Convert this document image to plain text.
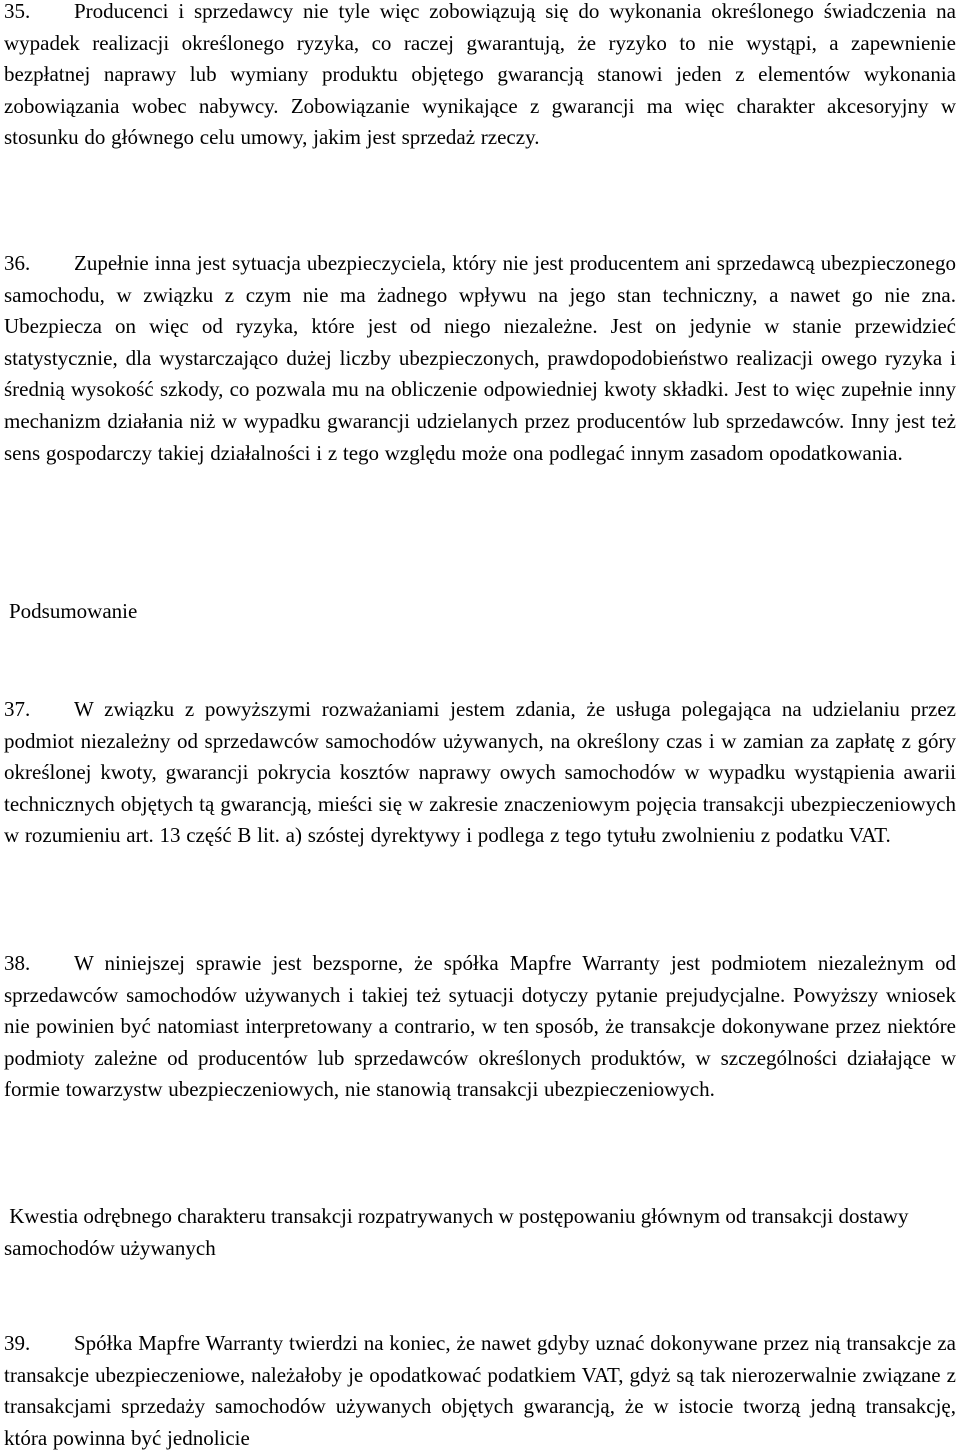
35. Producenci i sprzedawcy nie tyle więc zobowiązują się do wykonania określonego świadczenia na wypadek realizacji określonego ryzyka, co raczej gwarantują, że ryzyko to nie wystąpi, a zapewnienie bezpłatnej naprawy lub wymiany produktu objętego gwarancją stanowi jeden z elementów wykonania zobowiązania wobec nabywcy. Zobowiązanie wynikające z gwarancji ma więc charakter akcesoryjny w stosunku do głównego celu umowy, jakim jest sprzedaż rzeczy.

36. Zupełnie inna jest sytuacja ubezpieczyciela, który nie jest producentem ani sprzedawcą ubezpieczonego samochodu, w związku z czym nie ma żadnego wpływu na jego stan techniczny, a nawet go nie zna. Ubezpiecza on więc od ryzyka, które jest od niego niezależne. Jest on jedynie w stanie przewidzieć statystycznie, dla wystarczająco dużej liczby ubezpieczonych, prawdopodobieństwo realizacji owego ryzyka i średnią wysokość szkody, co pozwala mu na obliczenie odpowiedniej kwoty składki. Jest to więc zupełnie inny mechanizm działania niż w wypadku gwarancji udzielanych przez producentów lub sprzedawców. Inny jest też sens gospodarczy takiej działalności i z tego względu może ona podlegać innym zasadom opodatkowania.

Podsumowanie

37. W związku z powyższymi rozważaniami jestem zdania, że usługa polegająca na udzielaniu przez podmiot niezależny od sprzedawców samochodów używanych, na określony czas i w zamian za zapłatę z góry określonej kwoty, gwarancji pokrycia kosztów naprawy owych samochodów w wypadku wystąpienia awarii technicznych objętych tą gwarancją, mieści się w zakresie znaczeniowym pojęcia transakcji ubezpieczeniowych w rozumieniu art. 13 część B lit. a) szóstej dyrektywy i podlega z tego tytułu zwolnieniu z podatku VAT.

38. W niniejszej sprawie jest bezsporne, że spółka Mapfre Warranty jest podmiotem niezależnym od sprzedawców samochodów używanych i takiej też sytuacji dotyczy pytanie prejudycjalne. Powyższy wniosek nie powinien być natomiast interpretowany a contrario, w ten sposób, że transakcje dokonywane przez niektóre podmioty zależne od producentów lub sprzedawców określonych produktów, w szczególności działające w formie towarzystw ubezpieczeniowych, nie stanowią transakcji ubezpieczeniowych.

Kwestia odrębnego charakteru transakcji rozpatrywanych w postępowaniu głównym od transakcji dostawy samochodów używanych

39. Spółka Mapfre Warranty twierdzi na koniec, że nawet gdyby uznać dokonywane przez nią transakcje za transakcje ubezpieczeniowe, należałoby je opodatkować podatkiem VAT, gdyż są tak nierozerwalnie związane z transakcjami sprzedaży samochodów używanych objętych gwarancją, że w istocie tworzą jedną transakcję, która powinna być jednolicie
